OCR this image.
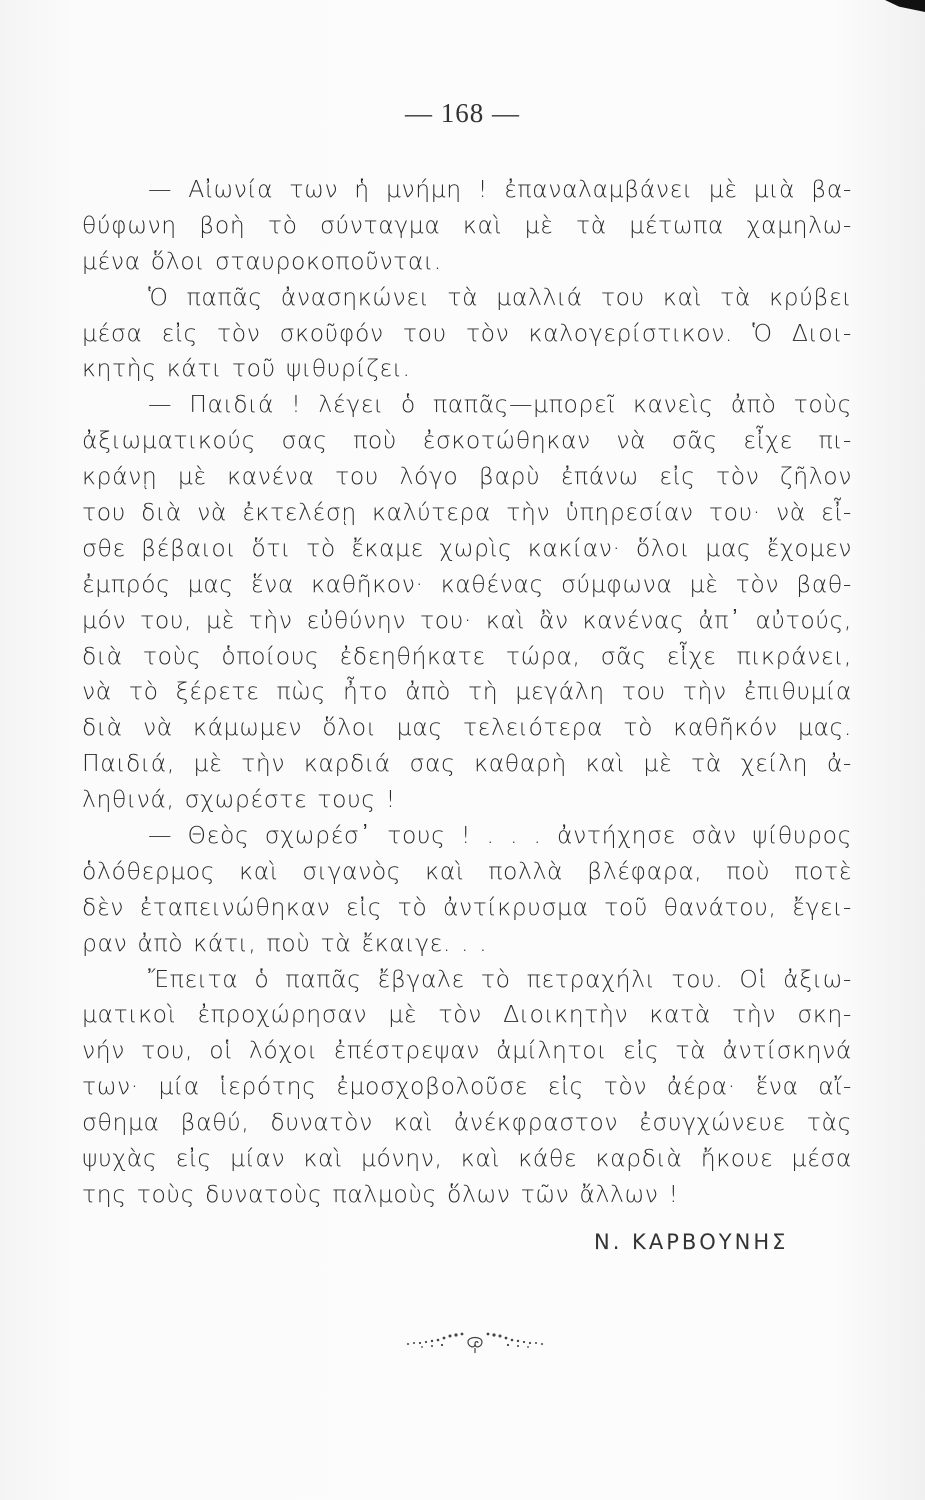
— 168 —
— Αἰωνία των ἡ μνήμη ! ἐπαναλαμβάνει μὲ μιὰ βα-
θύφωνη βοὴ τὸ σύνταγμα καὶ μὲ τὰ μέτωπα χαμηλω-
μένα ὅλοι σταυροκοποῦνται.
Ὁ παπᾶς ἀνασηκώνει τὰ μαλλιά του καὶ τὰ κρύβει
μέσα εἰς τὸν σκοῦφόν του τὸν καλογερίστικον. Ὁ Διοι-
κητὴς κάτι τοῦ ψιθυρίζει.
— Παιδιά ! λέγει ὁ παπᾶς—μπορεῖ κανεὶς ἀπὸ τοὺς
ἀξιωματικούς σας ποὺ ἐσκοτώθηκαν νὰ σᾶς εἶχε πι-
κράνῃ μὲ κανένα του λόγο βαρὺ ἐπάνω εἰς τὸν ζῆλον
του διὰ νὰ ἐκτελέσῃ καλύτερα τὴν ὑπηρεσίαν του· νὰ εἶ-
σθε βέβαιοι ὅτι τὸ ἔκαμε χωρὶς κακίαν· ὅλοι μας ἔχομεν
ἐμπρός μας ἕνα καθῆκον· καθένας σύμφωνα μὲ τὸν βαθ-
μόν του, μὲ τὴν εὐθύνην του· καὶ ἂν κανένας ἀπ᾿ αὐτούς,
διὰ τοὺς ὁποίους ἐδεηθήκατε τώρα, σᾶς εἶχε πικράνει,
νὰ τὸ ξέρετε πὼς ἦτο ἀπὸ τὴ μεγάλη του τὴν ἐπιθυμία
διὰ νὰ κάμωμεν ὅλοι μας τελειότερα τὸ καθῆκόν μας.
Παιδιά, μὲ τὴν καρδιά σας καθαρὴ καὶ μὲ τὰ χείλη ἀ-
ληθινά, σχωρέστε τους !
— Θεὸς σχωρέσ᾿ τους ! . . . ἀντήχησε σὰν ψίθυρος
ὁλόθερμος καὶ σιγανὸς καὶ πολλὰ βλέφαρα, ποὺ ποτὲ
δὲν ἐταπεινώθηκαν εἰς τὸ ἀντίκρυσμα τοῦ θανάτου, ἔγει-
ραν ἀπὸ κάτι, ποὺ τὰ ἔκαιγε. . .
Ἔπειτα ὁ παπᾶς ἔβγαλε τὸ πετραχήλι του. Οἱ ἀξιω-
ματικοὶ ἐπροχώρησαν μὲ τὸν Διοικητὴν κατὰ τὴν σκη-
νήν του, οἱ λόχοι ἐπέστρεψαν ἀμίλητοι εἰς τὰ ἀντίσκηνά
των· μία ἱερότης ἐμοσχοβολοῦσε εἰς τὸν ἀέρα· ἕνα αἴ-
σθημα βαθύ, δυνατὸν καὶ ἀνέκφραστον ἐσυγχώνευε τὰς
ψυχὰς εἰς μίαν καὶ μόνην, καὶ κάθε καρδιὰ ἤκουε μέσα
της τοὺς δυνατοὺς παλμοὺς ὅλων τῶν ἄλλων !
Ν. ΚΑΡΒΟΥΝΗΣ
